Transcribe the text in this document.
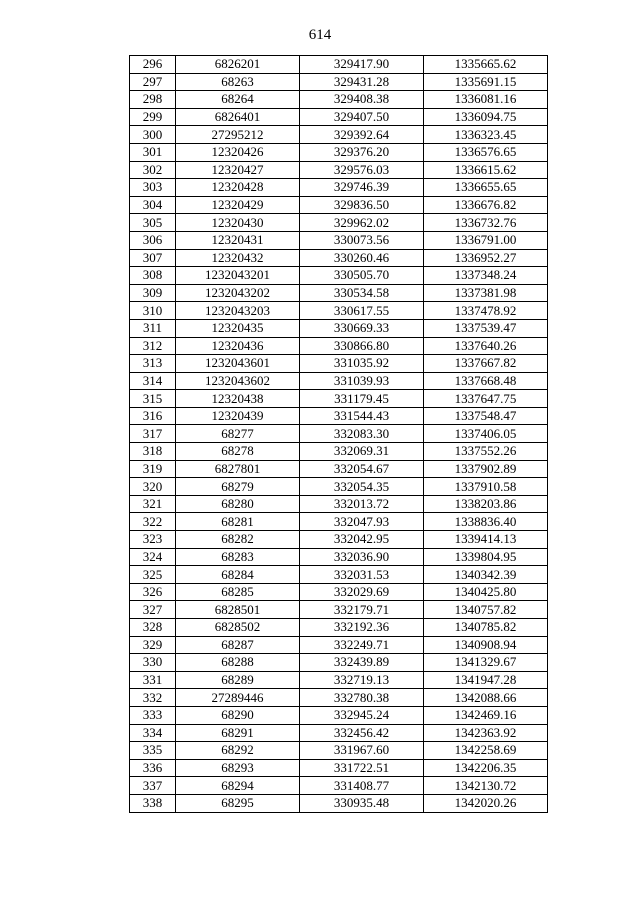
614
296	6826201	329417.90	1335665.62
297	68263	329431.28	1335691.15
298	68264	329408.38	1336081.16
299	6826401	329407.50	1336094.75
300	27295212	329392.64	1336323.45
301	12320426	329376.20	1336576.65
302	12320427	329576.03	1336615.62
303	12320428	329746.39	1336655.65
304	12320429	329836.50	1336676.82
305	12320430	329962.02	1336732.76
306	12320431	330073.56	1336791.00
307	12320432	330260.46	1336952.27
308	1232043201	330505.70	1337348.24
309	1232043202	330534.58	1337381.98
310	1232043203	330617.55	1337478.92
311	12320435	330669.33	1337539.47
312	12320436	330866.80	1337640.26
313	1232043601	331035.92	1337667.82
314	1232043602	331039.93	1337668.48
315	12320438	331179.45	1337647.75
316	12320439	331544.43	1337548.47
317	68277	332083.30	1337406.05
318	68278	332069.31	1337552.26
319	6827801	332054.67	1337902.89
320	68279	332054.35	1337910.58
321	68280	332013.72	1338203.86
322	68281	332047.93	1338836.40
323	68282	332042.95	1339414.13
324	68283	332036.90	1339804.95
325	68284	332031.53	1340342.39
326	68285	332029.69	1340425.80
327	6828501	332179.71	1340757.82
328	6828502	332192.36	1340785.82
329	68287	332249.71	1340908.94
330	68288	332439.89	1341329.67
331	68289	332719.13	1341947.28
332	27289446	332780.38	1342088.66
333	68290	332945.24	1342469.16
334	68291	332456.42	1342363.92
335	68292	331967.60	1342258.69
336	68293	331722.51	1342206.35
337	68294	331408.77	1342130.72
338	68295	330935.48	1342020.26
